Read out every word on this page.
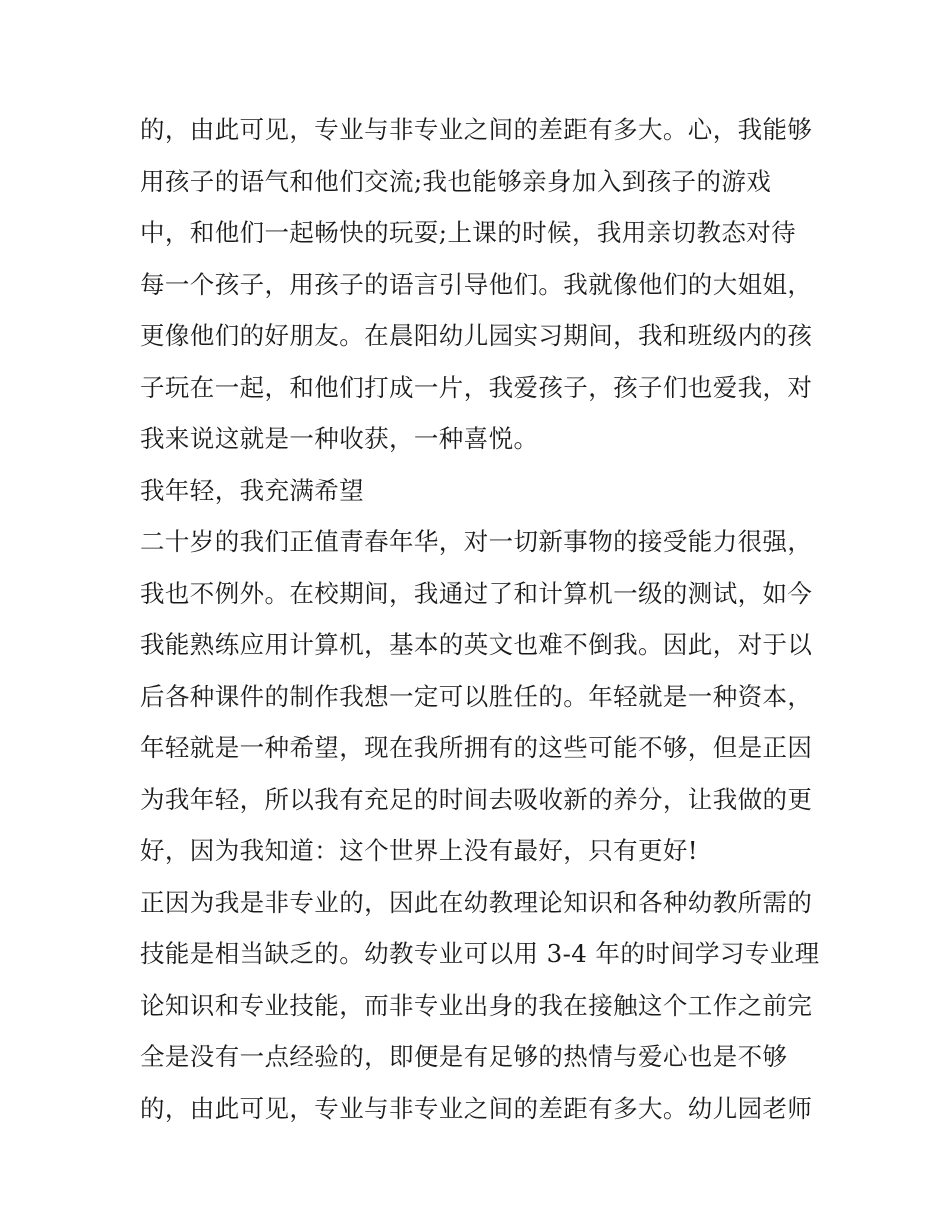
的，由此可见，专业与非专业之间的差距有多大。心，我能够
用孩子的语气和他们交流;我也能够亲身加入到孩子的游戏
中，和他们一起畅快的玩耍;上课的时候，我用亲切教态对待
每一个孩子，用孩子的语言引导他们。我就像他们的大姐姐，
更像他们的好朋友。在晨阳幼儿园实习期间，我和班级内的孩
子玩在一起，和他们打成一片，我爱孩子，孩子们也爱我，对
我来说这就是一种收获，一种喜悦。
我年轻，我充满希望
二十岁的我们正值青春年华，对一切新事物的接受能力很强，
我也不例外。在校期间，我通过了和计算机一级的测试，如今
我能熟练应用计算机，基本的英文也难不倒我。因此，对于以
后各种课件的制作我想一定可以胜任的。年轻就是一种资本，
年轻就是一种希望，现在我所拥有的这些可能不够，但是正因
为我年轻，所以我有充足的时间去吸收新的养分，让我做的更
好，因为我知道：这个世界上没有最好，只有更好!
正因为我是非专业的，因此在幼教理论知识和各种幼教所需的
技能是相当缺乏的。幼教专业可以用 3-4 年的时间学习专业理
论知识和专业技能，而非专业出身的我在接触这个工作之前完
全是没有一点经验的，即便是有足够的热情与爱心也是不够
的，由此可见，专业与非专业之间的差距有多大。幼儿园老师
